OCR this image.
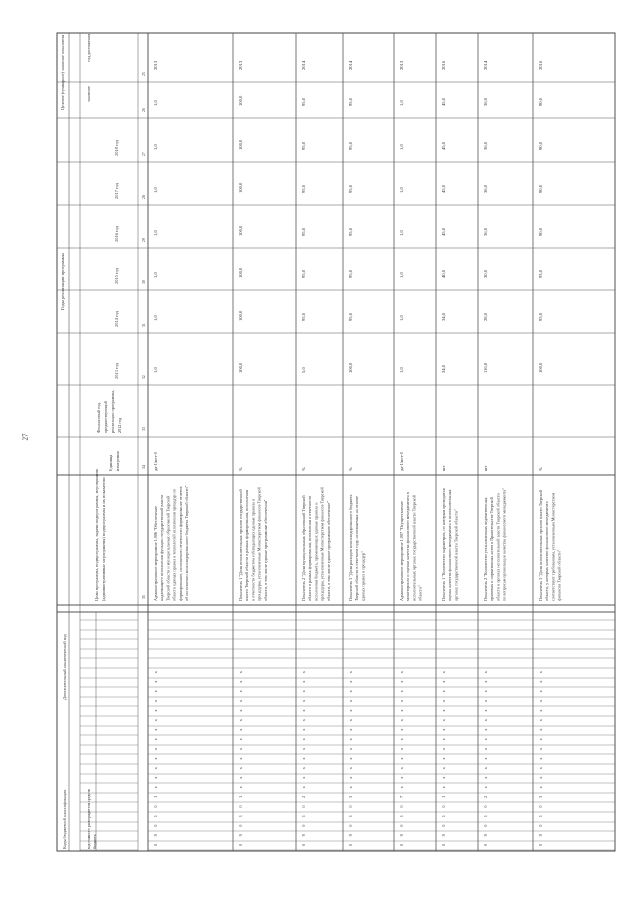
27
Целевое (суммарное) значение показателя	значение
год достижения
Годы реализации программы
2013 год
2014 год
2015 год
2016 год
2017 год
2018 год
Финансовый год, предшествующий реализации программы, 2012 год
Единица измерения
Цели программы, подпрограммы, задачи подпрограммы, мероприятия (административные мероприятия) подпрограммы и их показатели
Коды бюджетной классификации
Дополнительный аналитический код
код главного распорядителя средств бюджета
25
26
27
28
29
30
31
32
33
34
35
0
9
0
1
0
1
x
x
x
x
x
x
x
x
x
x
x
x
x
Административное мероприятие 1.006 "Обеспечение надлежащего исполнения функции государственной власти Тверской области и муниципальных образований Тверской области единых правил и технологий исполнения процедур по формированию, исполнению отчетности формирование отчетов об исполнении консолидированного бюджета Тверской области"
да-1/нет-0
1,0
1,0
1,0
1,0
1,0
1,0
1,0
2013
0
9
0
1
0
1
x
x
x
x
x
x
x
x
x
x
x
x
x
Показатель 1 "Доля исполнительных органов государственной власти Тверской области в рамках формирования, исполнения и отчетности бюджетом соблюдающих единые правила и процедуры, установленные Министерством финансов Тверской области, в том числе единые программные обеспечения"
%
100,0
100,0
100,0
100,0
100,0
100,0
100,0
2013
0
9
0
1
0
2
x
x
x
x
x
x
x
x
x
x
x
x
x
Показатель 2 "Доля муниципальных образований Тверской области в рамках формирования, исполнения и отчетности исполнения бюджета, применяющих единые правила и процедуры, установленные Министерством финансов Тверской области, в том числе единое программное обеспечение"
%
5,0
95,0
95,0
95,0
95,0
95,0
95,0
2014
0
9
0
1
0
3
x
x
x
x
x
x
x
x
x
x
x
x
x
Показатель 3 "Доля расходов консолидированного бюджета Тверской области в отчетном году, исполняемых на основе единых правил и процедур"
%
100,0
95,0
95,0
95,0
95,0
95,0
95,0
2014
0
9
0
1
0
7
x
x
x
x
x
x
x
x
x
x
x
x
x
Административное мероприятие 1.007 "Осуществление мониторинга и оценки качества финансового менеджмента в исполнительных органах государственной власти Тверской области"
да-1/нет-0
1,0
1,0
1,0
1,0
1,0
1,0
1,0
2013
0
9
0
1
0
1
x
x
x
x
x
x
x
x
x
x
x
x
x
Показатель 1 "Количество параметров, по которым проводится оценка качества финансового менеджмента в исполнительных органах государственной власти Тверской области"
шт
34,0
34,0
40,0
45,0
45,0
45,0
45,0
2016
0
9
0
1
0
2
x
x
x
x
x
x
x
x
x
x
x
x
x
Показатель 2 "Количество установленных ведомственных правовых и нормативных актов в Правительстве Тверской области и органах исполнительной власти Тверской области по вопросам организации качества финансового менеджмента"
шт
116,0
28,0
30,0
36,0
36,0
36,0
36,0
2014
0
9
0
1
0
3
x
x
x
x
x
x
x
x
x
x
x
x
x
Показатель 3 "Доля исполнительных органов власти Тверской области, у которых качество финансового менеджмента соответствует требованиям, установленным Министерством финансов Тверской области"
%
100,0
93,0
93,0
90,0
90,0
90,0
90,0
2016
